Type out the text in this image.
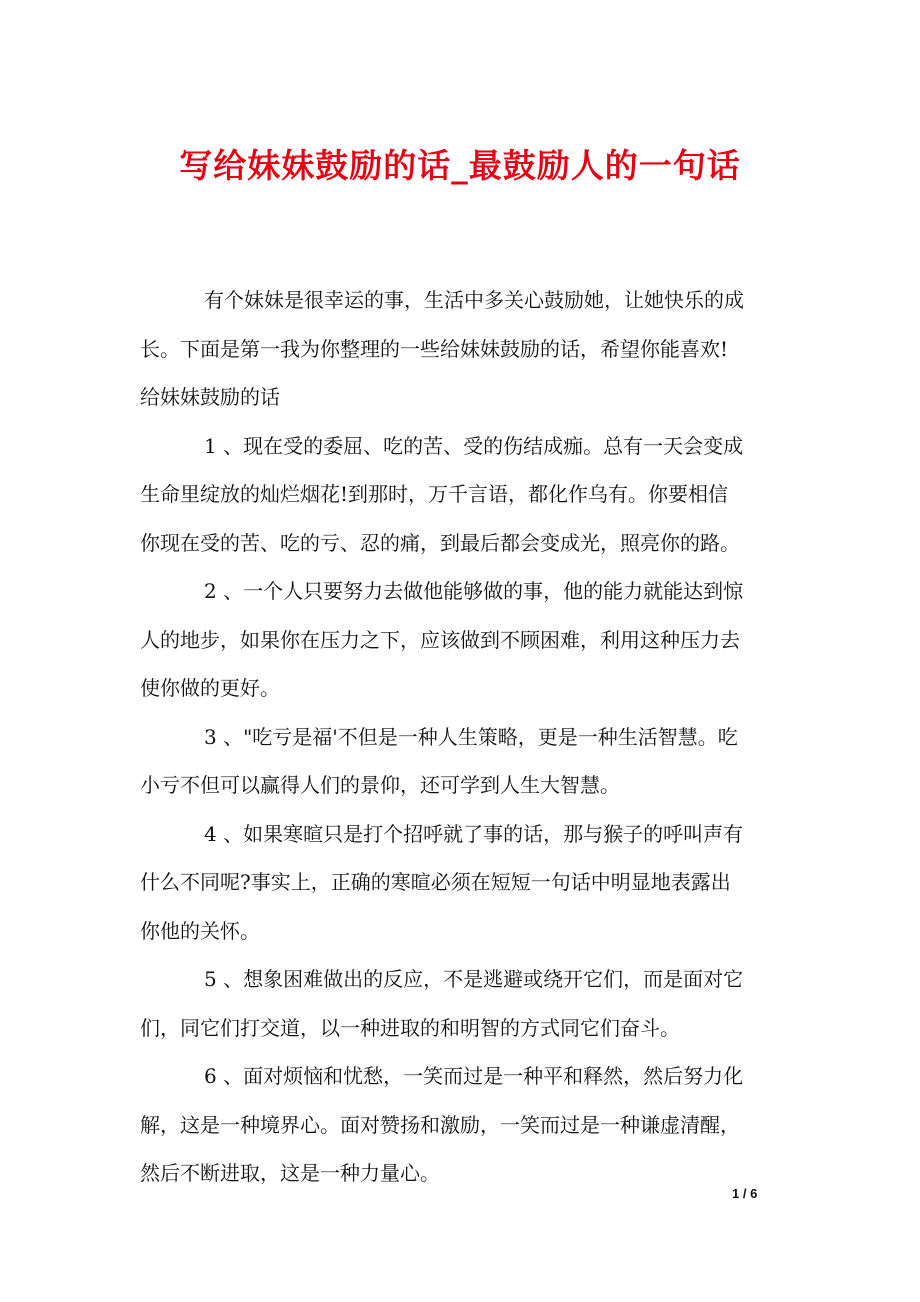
写给妹妹鼓励的话_最鼓励人的一句话

有个妹妹是很幸运的事，生活中多关心鼓励她，让她快乐的成
长。下面是第一我为你整理的一些给妹妹鼓励的话，希望你能喜欢!

给妹妹鼓励的话

1 、现在受的委屈、吃的苦、受的伤结成痂。总有一天会变成
生命里绽放的灿烂烟花!到那时，万千言语，都化作乌有。你要相信
你现在受的苦、吃的亏、忍的痛，到最后都会变成光，照亮你的路。

2 、一个人只要努力去做他能够做的事，他的能力就能达到惊
人的地步，如果你在压力之下，应该做到不顾困难，利用这种压力去
使你做的更好。

3 、"吃亏是福'不但是一种人生策略，更是一种生活智慧。吃
小亏不但可以赢得人们的景仰，还可学到人生大智慧。

4 、如果寒暄只是打个招呼就了事的话，那与猴子的呼叫声有
什么不同呢?事实上，正确的寒暄必须在短短一句话中明显地表露出
你他的关怀。

5 、想象困难做出的反应，不是逃避或绕开它们，而是面对它
们，同它们打交道，以一种进取的和明智的方式同它们奋斗。

6 、面对烦恼和忧愁，一笑而过是一种平和释然，然后努力化
解，这是一种境界心。面对赞扬和激励，一笑而过是一种谦虚清醒，
然后不断进取，这是一种力量心。

1 / 6
